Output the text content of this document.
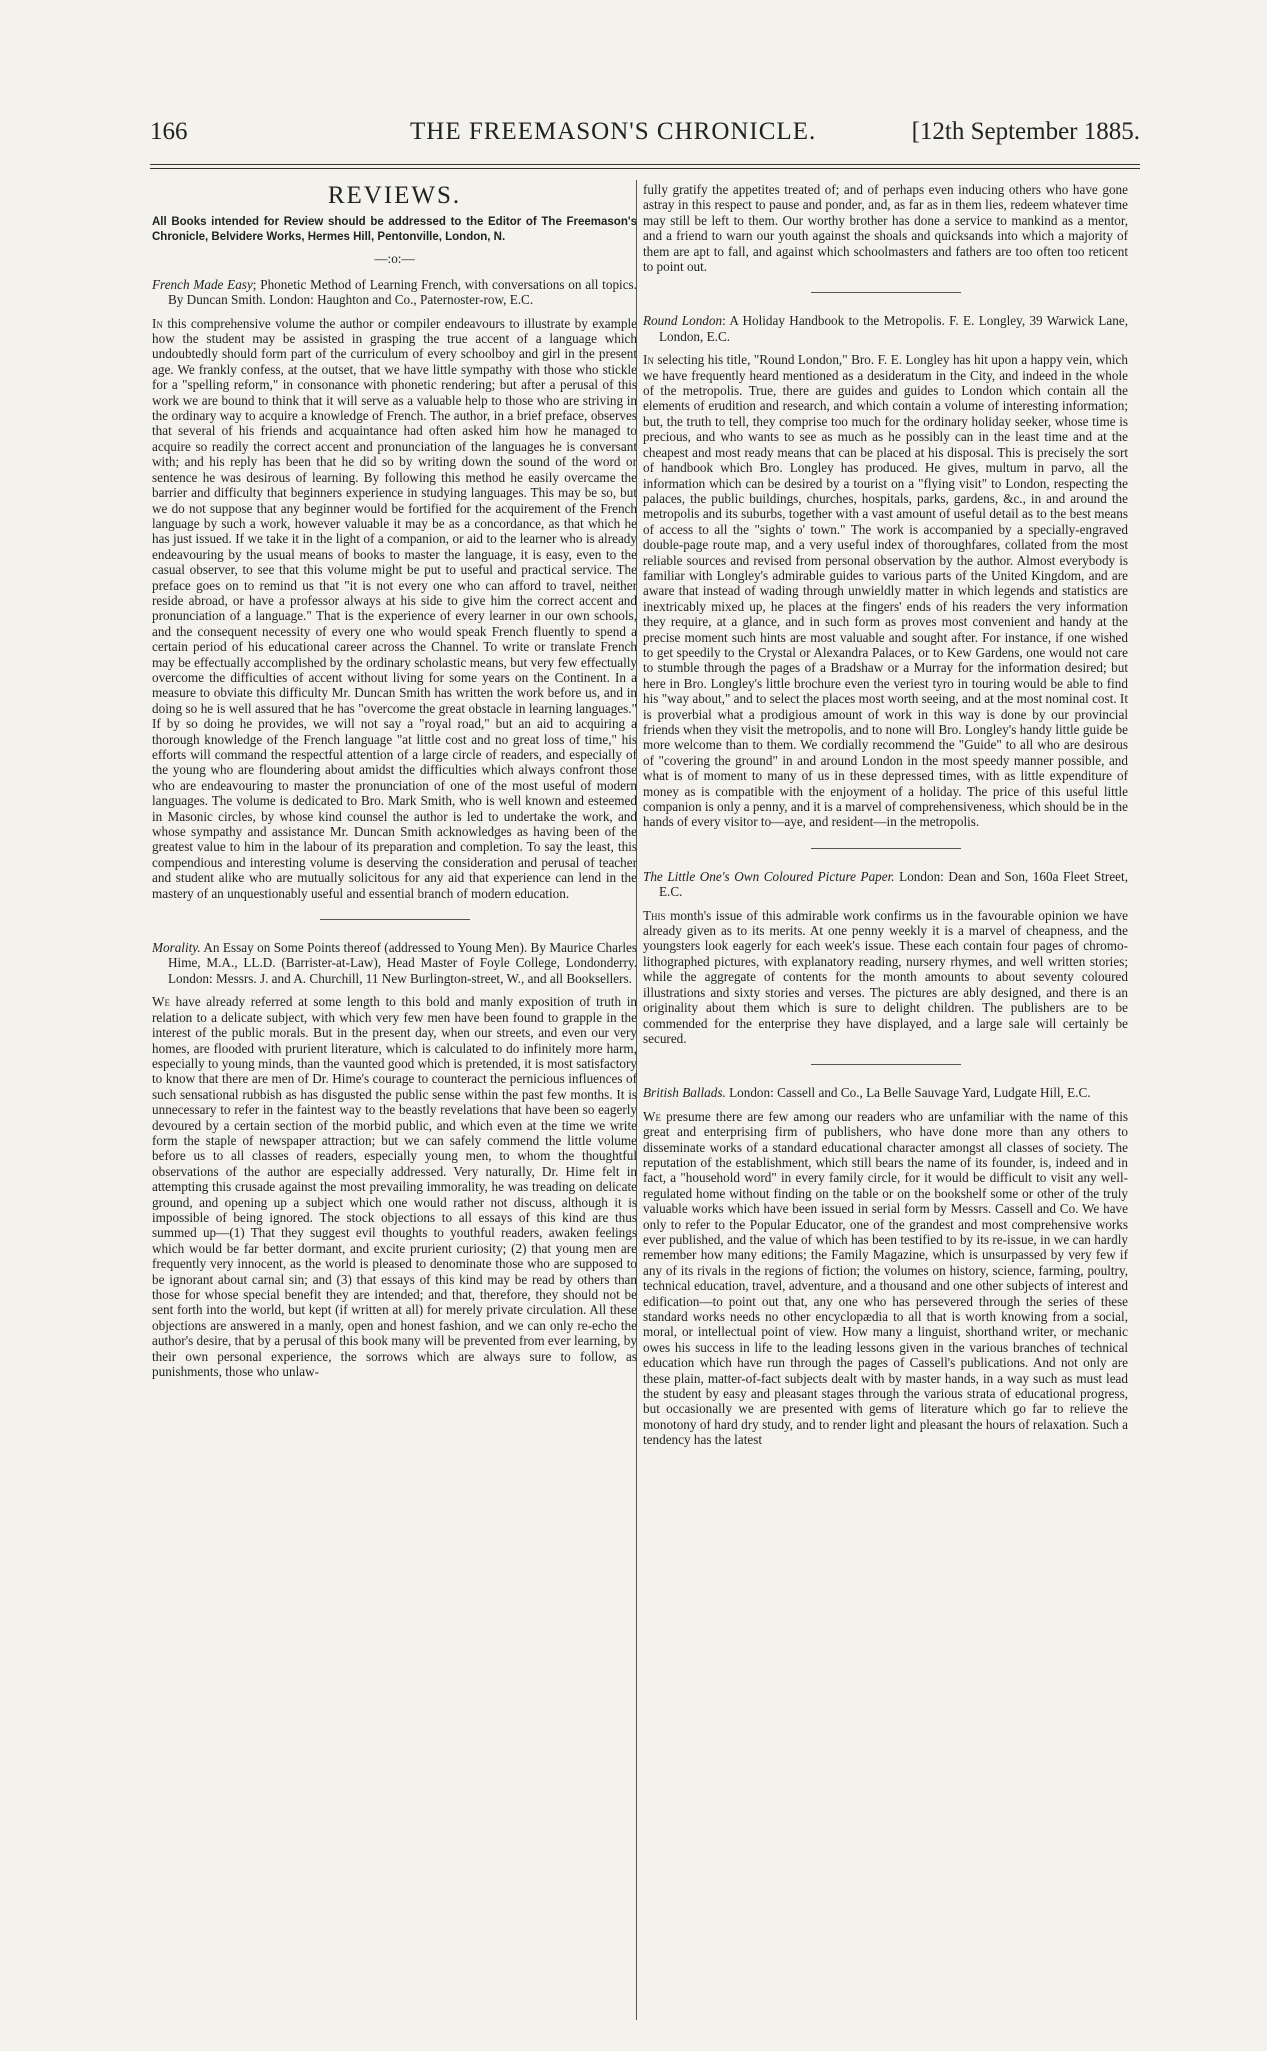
166	THE FREEMASON'S CHRONICLE.	[12th September 1885.
REVIEWS.
All Books intended for Review should be addressed to the Editor of The Freemason's Chronicle, Belvidere Works, Hermes Hill, Pentonville, London, N.
—:o:—
French Made Easy; Phonetic Method of Learning French, with conversations on all topics. By Duncan Smith. London: Haughton and Co., Paternoster-row, E.C.

In this comprehensive volume the author or compiler endeavours to illustrate by example how the student may be assisted in grasping the true accent of a language which undoubtedly should form part of the curriculum of every schoolboy and girl in the present age. We frankly confess, at the outset, that we have little sympathy with those who stickle for a "spelling reform," in consonance with phonetic rendering; but after a perusal of this work we are bound to think that it will serve as a valuable help to those who are striving in the ordinary way to acquire a knowledge of French. The author, in a brief preface, observes that several of his friends and acquaintance had often asked him how he managed to acquire so readily the correct accent and pronunciation of the languages he is conversant with; and his reply has been that he did so by writing down the sound of the word or sentence he was desirous of learning. By following this method he easily overcame the barrier and difficulty that beginners experience in studying languages. This may be so, but we do not suppose that any beginner would be fortified for the acquirement of the French language by such a work, however valuable it may be as a concordance, as that which he has just issued. If we take it in the light of a companion, or aid to the learner who is already endeavouring by the usual means of books to master the language, it is easy, even to the casual observer, to see that this volume might be put to useful and practical service. The preface goes on to remind us that "it is not every one who can afford to travel, neither reside abroad, or have a professor always at his side to give him the correct accent and pronunciation of a language." That is the experience of every learner in our own schools, and the consequent necessity of every one who would speak French fluently to spend a certain period of his educational career across the Channel. To write or translate French may be effectually accomplished by the ordinary scholastic means, but very few effectually overcome the difficulties of accent without living for some years on the Continent. In a measure to obviate this difficulty Mr. Duncan Smith has written the work before us, and in doing so he is well assured that he has "overcome the great obstacle in learning languages." If by so doing he provides, we will not say a "royal road," but an aid to acquiring a thorough knowledge of the French language "at little cost and no great loss of time," his efforts will command the respectful attention of a large circle of readers, and especially of the young who are floundering about amidst the difficulties which always confront those who are endeavouring to master the pronunciation of one of the most useful of modern languages. The volume is dedicated to Bro. Mark Smith, who is well known and esteemed in Masonic circles, by whose kind counsel the author is led to undertake the work, and whose sympathy and assistance Mr. Duncan Smith acknowledges as having been of the greatest value to him in the labour of its preparation and completion. To say the least, this compendious and interesting volume is deserving the consideration and perusal of teacher and student alike who are mutually solicitous for any aid that experience can lend in the mastery of an unquestionably useful and essential branch of modern education.

Morality. An Essay on Some Points thereof (addressed to Young Men). By Maurice Charles Hime, M.A., LL.D. (Barrister-at-Law), Head Master of Foyle College, Londonderry. London: Messrs. J. and A. Churchill, 11 New Burlington-street, W., and all Booksellers.

We have already referred at some length to this bold and manly exposition of truth in relation to a delicate subject, with which very few men have been found to grapple in the interest of the public morals. But in the present day, when our streets, and even our very homes, are flooded with prurient literature, which is calculated to do infinitely more harm, especially to young minds, than the vaunted good which is pretended, it is most satisfactory to know that there are men of Dr. Hime's courage to counteract the pernicious influences of such sensational rubbish as has disgusted the public sense within the past few months. It is unnecessary to refer in the faintest way to the beastly revelations that have been so eagerly devoured by a certain section of the morbid public, and which even at the time we write form the staple of newspaper attraction; but we can safely commend the little volume before us to all classes of readers, especially young men, to whom the thoughtful observations of the author are especially addressed. Very naturally, Dr. Hime felt in attempting this crusade against the most prevailing immorality, he was treading on delicate ground, and opening up a subject which one would rather not discuss, although it is impossible of being ignored. The stock objections to all essays of this kind are thus summed up—(1) That they suggest evil thoughts to youthful readers, awaken feelings which would be far better dormant, and excite prurient curiosity; (2) that young men are frequently very innocent, as the world is pleased to denominate those who are supposed to be ignorant about carnal sin; and (3) that essays of this kind may be read by others than those for whose special benefit they are intended; and that, therefore, they should not be sent forth into the world, but kept (if written at all) for merely private circulation. All these objections are answered in a manly, open and honest fashion, and we can only re-echo the author's desire, that by a perusal of this book many will be prevented from ever learning, by their own personal experience, the sorrows which are always sure to follow, as punishments, those who unlaw-

fully gratify the appetites treated of; and of perhaps even inducing others who have gone astray in this respect to pause and ponder, and, as far as in them lies, redeem whatever time may still be left to them. Our worthy brother has done a service to mankind as a mentor, and a friend to warn our youth against the shoals and quicksands into which a majority of them are apt to fall, and against which schoolmasters and fathers are too often too reticent to point out.

Round London: A Holiday Handbook to the Metropolis. F. E. Longley, 39 Warwick Lane, London, E.C.

In selecting his title, "Round London," Bro. F. E. Longley has hit upon a happy vein, which we have frequently heard mentioned as a desideratum in the City, and indeed in the whole of the metropolis. True, there are guides and guides to London which contain all the elements of erudition and research, and which contain a volume of interesting information; but, the truth to tell, they comprise too much for the ordinary holiday seeker, whose time is precious, and who wants to see as much as he possibly can in the least time and at the cheapest and most ready means that can be placed at his disposal. This is precisely the sort of handbook which Bro. Longley has produced. He gives, multum in parvo, all the information which can be desired by a tourist on a "flying visit" to London, respecting the palaces, the public buildings, churches, hospitals, parks, gardens, &c., in and around the metropolis and its suburbs, together with a vast amount of useful detail as to the best means of access to all the "sights o' town." The work is accompanied by a specially-engraved double-page route map, and a very useful index of thoroughfares, collated from the most reliable sources and revised from personal observation by the author. Almost everybody is familiar with Longley's admirable guides to various parts of the United Kingdom, and are aware that instead of wading through unwieldly matter in which legends and statistics are inextricably mixed up, he places at the fingers' ends of his readers the very information they require, at a glance, and in such form as proves most convenient and handy at the precise moment such hints are most valuable and sought after. For instance, if one wished to get speedily to the Crystal or Alexandra Palaces, or to Kew Gardens, one would not care to stumble through the pages of a Bradshaw or a Murray for the information desired; but here in Bro. Longley's little brochure even the veriest tyro in touring would be able to find his "way about," and to select the places most worth seeing, and at the most nominal cost. It is proverbial what a prodigious amount of work in this way is done by our provincial friends when they visit the metropolis, and to none will Bro. Longley's handy little guide be more welcome than to them. We cordially recommend the "Guide" to all who are desirous of "covering the ground" in and around London in the most speedy manner possible, and what is of moment to many of us in these depressed times, with as little expenditure of money as is compatible with the enjoyment of a holiday. The price of this useful little companion is only a penny, and it is a marvel of comprehensiveness, which should be in the hands of every visitor to—aye, and resident—in the metropolis.

The Little One's Own Coloured Picture Paper. London: Dean and Son, 160a Fleet Street, E.C.

This month's issue of this admirable work confirms us in the favourable opinion we have already given as to its merits. At one penny weekly it is a marvel of cheapness, and the youngsters look eagerly for each week's issue. These each contain four pages of chromo-lithographed pictures, with explanatory reading, nursery rhymes, and well written stories; while the aggregate of contents for the month amounts to about seventy coloured illustrations and sixty stories and verses. The pictures are ably designed, and there is an originality about them which is sure to delight children. The publishers are to be commended for the enterprise they have displayed, and a large sale will certainly be secured.

British Ballads. London: Cassell and Co., La Belle Sauvage Yard, Ludgate Hill, E.C.

We presume there are few among our readers who are unfamiliar with the name of this great and enterprising firm of publishers, who have done more than any others to disseminate works of a standard educational character amongst all classes of society. The reputation of the establishment, which still bears the name of its founder, is, indeed and in fact, a "household word" in every family circle, for it would be difficult to visit any well-regulated home without finding on the table or on the bookshelf some or other of the truly valuable works which have been issued in serial form by Messrs. Cassell and Co. We have only to refer to the Popular Educator, one of the grandest and most comprehensive works ever published, and the value of which has been testified to by its re-issue, in we can hardly remember how many editions; the Family Magazine, which is unsurpassed by very few if any of its rivals in the regions of fiction; the volumes on history, science, farming, poultry, technical education, travel, adventure, and a thousand and one other subjects of interest and edification—to point out that, any one who has persevered through the series of these standard works needs no other encyclopædia to all that is worth knowing from a social, moral, or intellectual point of view. How many a linguist, shorthand writer, or mechanic owes his success in life to the leading lessons given in the various branches of technical education which have run through the pages of Cassell's publications. And not only are these plain, matter-of-fact subjects dealt with by master hands, in a way such as must lead the student by easy and pleasant stages through the various strata of educational progress, but occasionally we are presented with gems of literature which go far to relieve the monotony of hard dry study, and to render light and pleasant the hours of relaxation. Such a tendency has the latest
